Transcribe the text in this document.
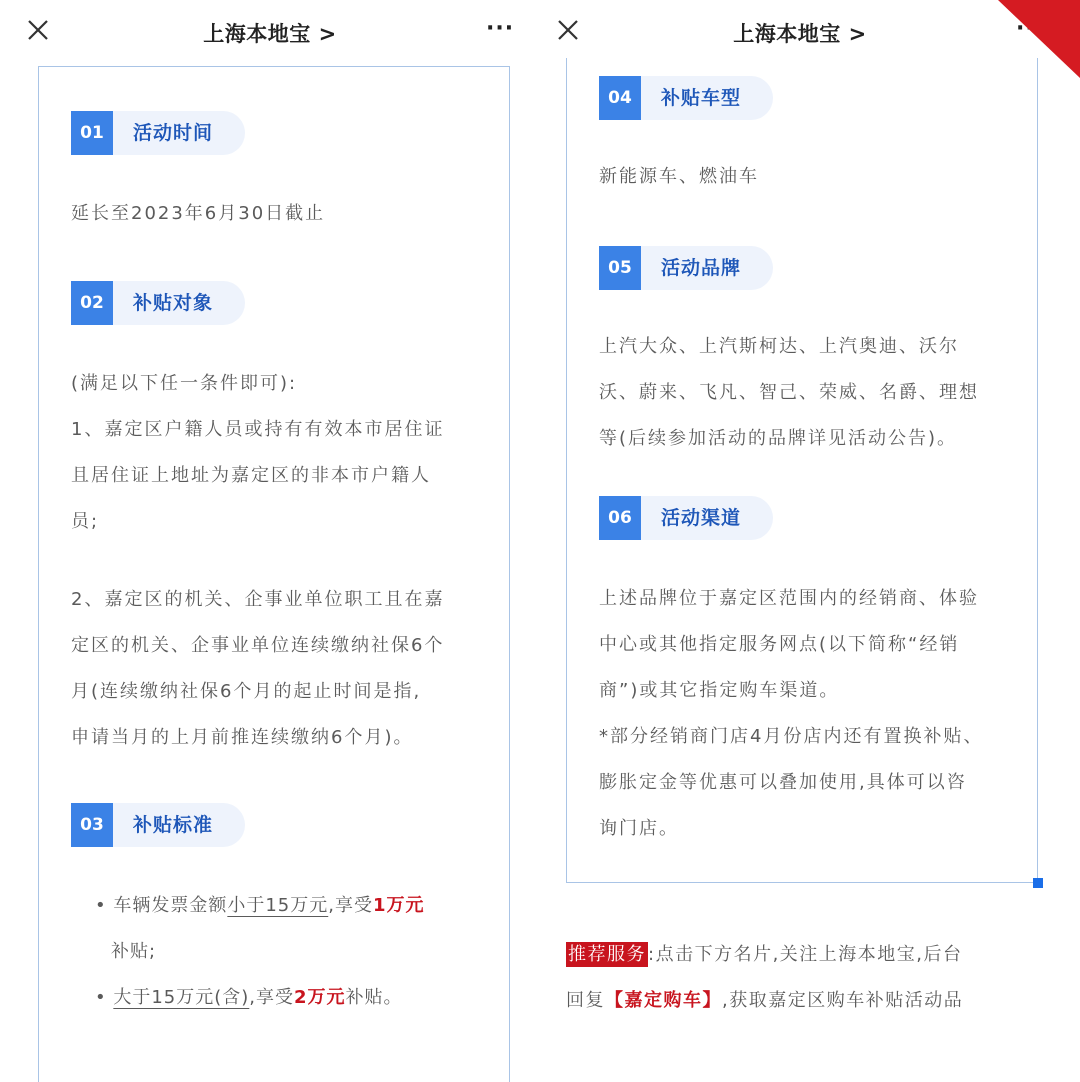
上海本地宝 >	···
01	活动时间
延长至2023年6月30日截止
02	补贴对象
(满足以下任一条件即可):
1、嘉定区户籍人员或持有有效本市居住证
且居住证上地址为嘉定区的非本市户籍人
员;
2、嘉定区的机关、企事业单位职工且在嘉
定区的机关、企事业单位连续缴纳社保6个
月(连续缴纳社保6个月的起止时间是指,
申请当月的上月前推连续缴纳6个月)。
03	补贴标准
• 车辆发票金额小于15万元,享受1万元
补贴;
• 大于15万元(含),享受2万元补贴。
上海本地宝 >	···
04	补贴车型
新能源车、燃油车
05	活动品牌
上汽大众、上汽斯柯达、上汽奥迪、沃尔
沃、蔚来、飞凡、智己、荣威、名爵、理想
等(后续参加活动的品牌详见活动公告)。
06	活动渠道
上述品牌位于嘉定区范围内的经销商、体验
中心或其他指定服务网点(以下简称“经销
商”)或其它指定购车渠道。
*部分经销商门店4月份店内还有置换补贴、
膨胀定金等优惠可以叠加使用,具体可以咨
询门店。
推荐服务 :点击下方名片,关注上海本地宝,后台
回复【嘉定购车】,获取嘉定区购车补贴活动品
